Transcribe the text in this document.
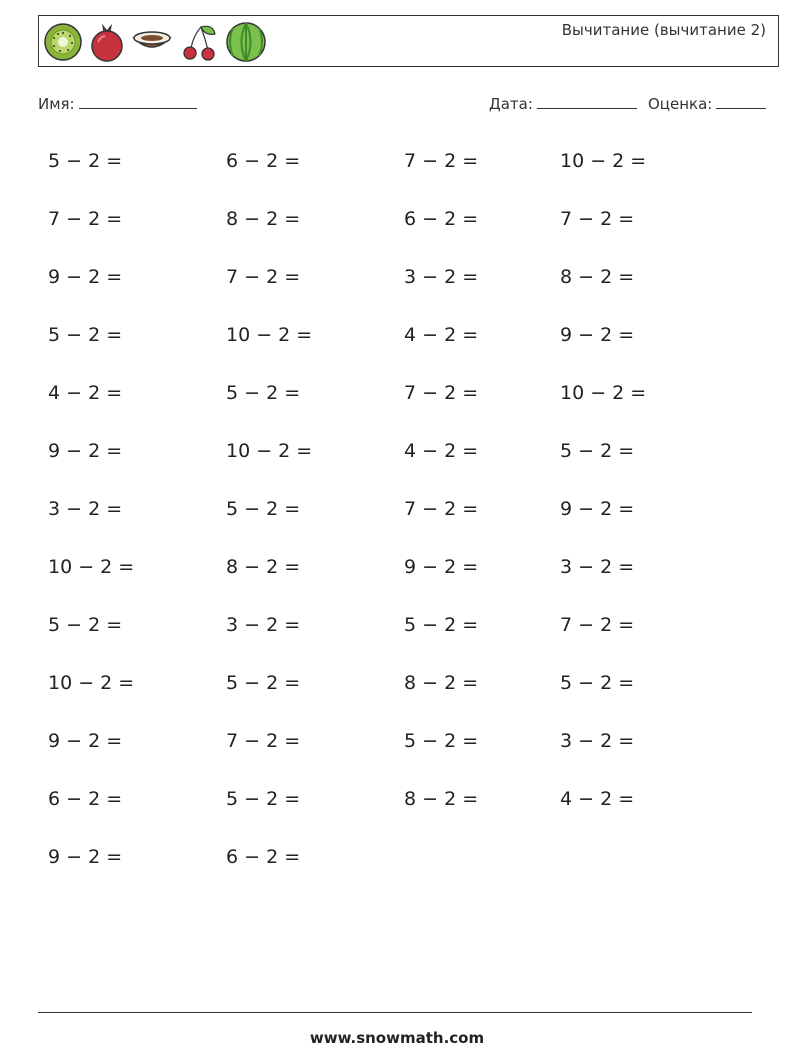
Вычитание (вычитание 2)
Имя:	Дата:	Оценка:
5 − 2 =	6 − 2 =	7 − 2 =	10 − 2 =
7 − 2 =	8 − 2 =	6 − 2 =	7 − 2 =
9 − 2 =	7 − 2 =	3 − 2 =	8 − 2 =
5 − 2 =	10 − 2 =	4 − 2 =	9 − 2 =
4 − 2 =	5 − 2 =	7 − 2 =	10 − 2 =
9 − 2 =	10 − 2 =	4 − 2 =	5 − 2 =
3 − 2 =	5 − 2 =	7 − 2 =	9 − 2 =
10 − 2 =	8 − 2 =	9 − 2 =	3 − 2 =
5 − 2 =	3 − 2 =	5 − 2 =	7 − 2 =
10 − 2 =	5 − 2 =	8 − 2 =	5 − 2 =
9 − 2 =	7 − 2 =	5 − 2 =	3 − 2 =
6 − 2 =	5 − 2 =	8 − 2 =	4 − 2 =
9 − 2 =	6 − 2 =
www.snowmath.com
